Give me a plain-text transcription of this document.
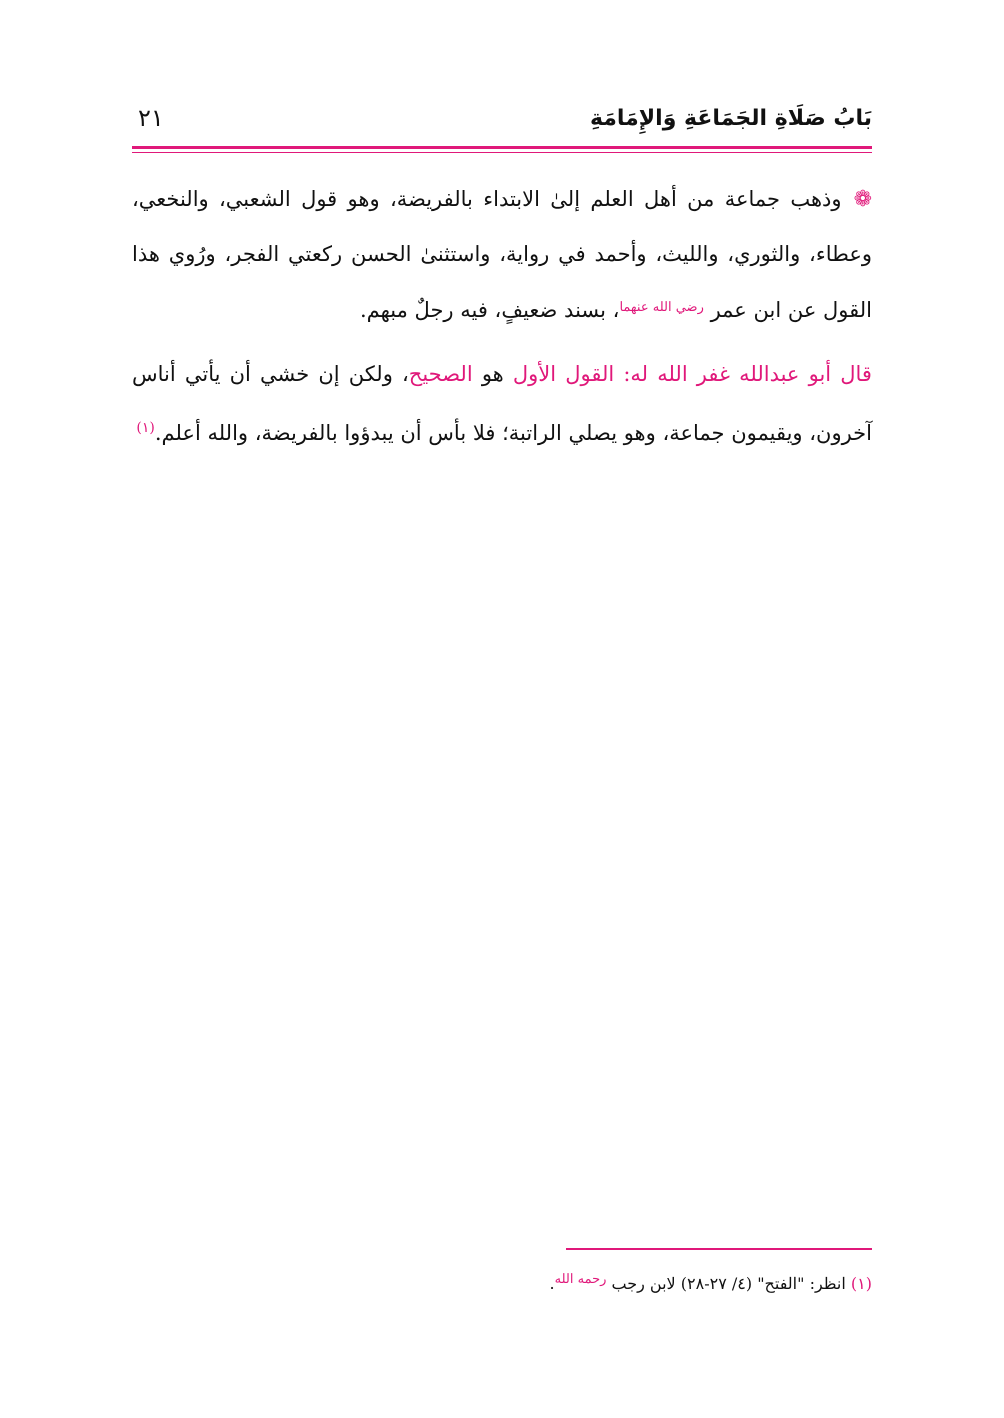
بَابُ صَلَاةِ الجَمَاعَةِ وَالإِمَامَةِ
٢١

❁وذهب جماعة من أهل العلم إلىٰ الابتداء بالفريضة، وهو قول الشعبي، والنخعي، وعطاء، والثوري، والليث، وأحمد في رواية، واستثنىٰ الحسن ركعتي الفجر، ورُوي هذا القول عن ابن عمر $^{رضي الله عنهما}$، بسند ضعيفٍ، فيه رجلٌ مبهم.

قال أبو عبدالله غفر الله له: القول الأول هو الصحيح، ولكن إن خشي أن يأتي أناس آخرون، ويقيمون جماعة، وهو يصلي الراتبة؛ فلا بأس أن يبدؤوا بالفريضة، والله أعلم.$^{(١)}$

(١) انظر: "الفتح" (٤/ ٢٧-٢٨) لابن رجب $^{رحمه الله}$.
